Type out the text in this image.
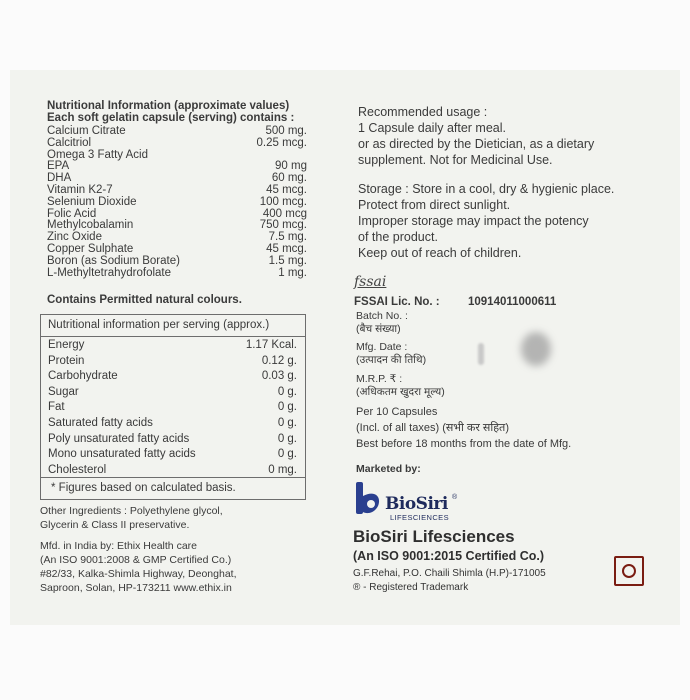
Nutritional Information (approximate values)
Each soft gelatin capsule (serving) contains :
Calcium Citrate	500 mg.
Calcitriol	0.25 mcg.
Omega 3 Fatty Acid
EPA	90 mg
DHA	60 mg.
Vitamin K2-7	45 mcg.
Selenium Dioxide	100 mcg.
Folic Acid	400 mcg
Methylcobalamin	750 mcg.
Zinc Oxide	7.5 mg.
Copper Sulphate	45 mcg.
Boron (as Sodium Borate)	1.5 mg.
L-Methyltetrahydrofolate	1 mg.
Contains Permitted natural colours.
Nutritional information per serving (approx.)
Energy	1.17 Kcal.
Protein	0.12 g.
Carbohydrate	0.03 g.
Sugar	0 g.
Fat	0 g.
Saturated fatty acids	0 g.
Poly unsaturated fatty acids	0 g.
Mono unsaturated fatty acids	0 g.
Cholesterol	0 mg.
* Figures based on calculated basis.
Other Ingredients : Polyethylene glycol,
Glycerin & Class II preservative.
Mfd. in India by: Ethix Health care
(An ISO 9001:2008 & GMP Certified Co.)
#82/33, Kalka-Shimla Highway, Deonghat,
Saproon, Solan, HP-173211 www.ethix.in
Recommended usage :
1 Capsule daily after meal.
or as directed by the Dietician, as a dietary
supplement. Not for Medicinal Use.
Storage : Store in a cool, dry & hygienic place.
Protect from direct sunlight.
Improper storage may impact the potency
of the product.
Keep out of reach of children.
fssai
FSSAI Lic. No. : 10914011000611
Batch No. :
(बैच संख्या)
Mfg. Date :
(उत्पादन की तिथि)
M.R.P. ₹ :
(अधिकतम खुदरा मूल्य)
Per 10 Capsules
(Incl. of all taxes) (सभी कर सहित)
Best before 18 months from the date of Mfg.
Marketed by:
BioSiri ®
LIFESCIENCES
BioSiri Lifesciences
(An ISO 9001:2015 Certified Co.)
G.F.Rehai, P.O. Chaili Shimla (H.P)-171005
® - Registered Trademark
